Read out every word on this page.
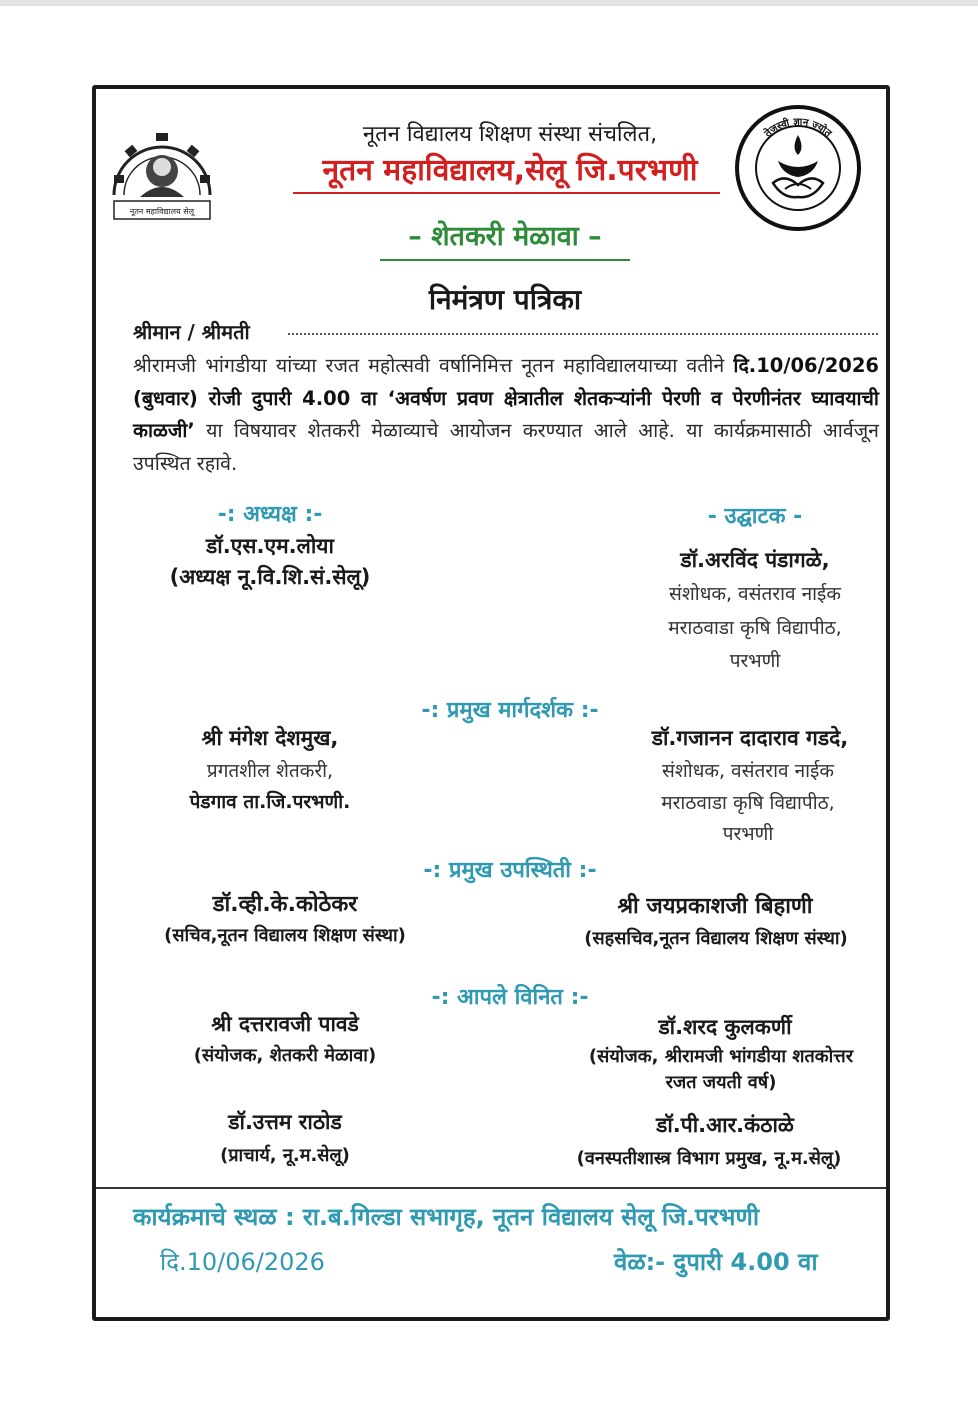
नूतन महाविद्यालय सेलू
तेजस्वी ज्ञान ज्योत
नूतन विद्यालय शिक्षण संस्था संचलित,
नूतन महाविद्यालय,सेलू जि.परभणी
– शेतकरी मेळावा –
निमंत्रण पत्रिका
श्रीमान / श्रीमती
श्रीरामजी भांगडीया यांच्या रजत महोत्सवी वर्षानिमित्त नूतन महाविद्यालयाच्या वतीने दि.10/06/2026 (बुधवार) रोजी दुपारी 4.00 वा ‘अवर्षण प्रवण क्षेत्रातील शेतकऱ्यांनी पेरणी व पेरणीनंतर घ्यावयाची काळजी’ या विषयावर शेतकरी मेळाव्याचे आयोजन करण्यात आले आहे. या कार्यक्रमासाठी आर्वजून उपस्थित रहावे.
-: अध्यक्ष :-
डॉ.एस.एम.लोया
(अध्यक्ष नू.वि.शि.सं.सेलू)
- उद्घाटक -
डॉ.अरविंद पंडागळे,
संशोधक, वसंतराव नाईक
मराठवाडा कृषि विद्यापीठ,
परभणी
-: प्रमुख मार्गदर्शक :-
श्री मंगेश देशमुख,
प्रगतशील शेतकरी,
पेडगाव ता.जि.परभणी.
डॉ.गजानन दादाराव गडदे,
संशोधक, वसंतराव नाईक
मराठवाडा कृषि विद्यापीठ,
परभणी
-: प्रमुख उपस्थिती :-
डॉ.व्ही.के.कोठेकर
(सचिव,नूतन विद्यालय शिक्षण संस्था)
श्री जयप्रकाशजी बिहाणी
(सहसचिव,नूतन विद्यालय शिक्षण संस्था)
-: आपले विनित :-
श्री दत्तरावजी पावडे
(संयोजक, शेतकरी मेळावा)
डॉ.शरद कुलकर्णी
(संयोजक, श्रीरामजी भांगडीया शतकोत्तर
रजत जयती वर्ष)
डॉ.उत्तम राठोड
(प्राचार्य, नू.म.सेलू)
डॉ.पी.आर.कंठाळे
(वनस्पतीशास्त्र विभाग प्रमुख, नू.म.सेलू)
कार्यक्रमाचे स्थळ : रा.ब.गिल्डा सभागृह, नूतन विद्यालय सेलू जि.परभणी
दि.10/06/2026	वेळ:- दुपारी 4.00 वा
